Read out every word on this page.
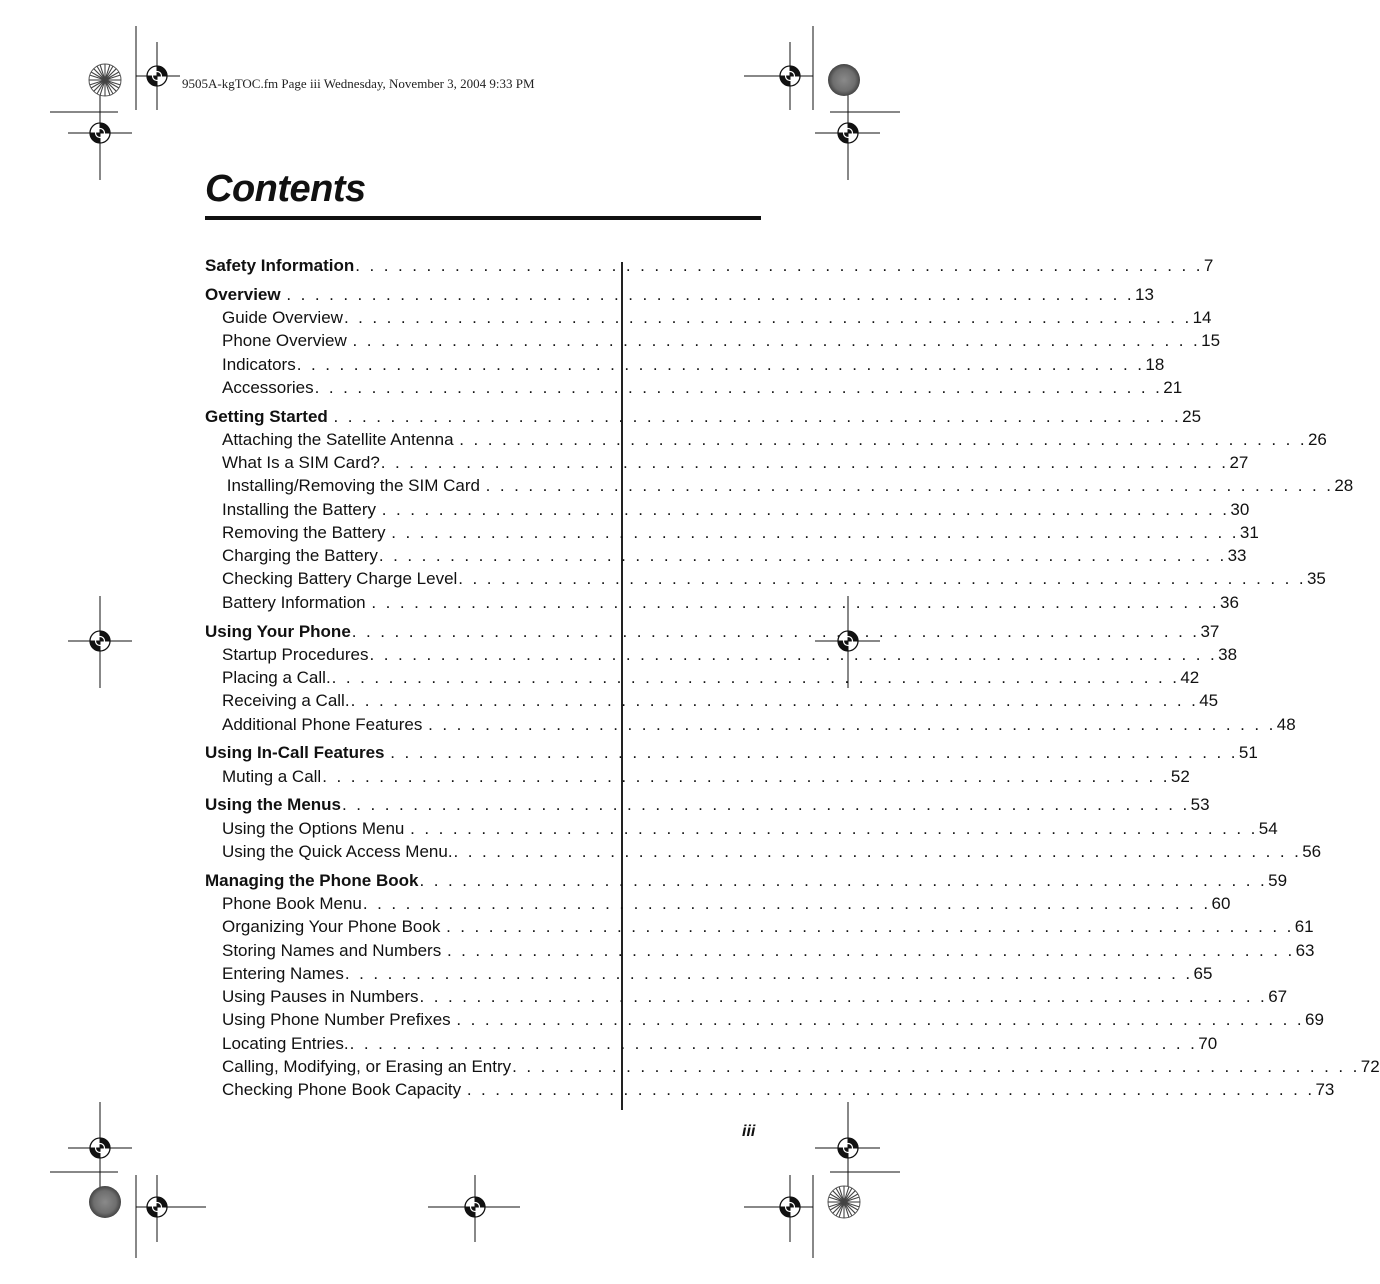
9505A-kgTOC.fm Page iii Wednesday, November 3, 2004 9:33 PM
Contents
Safety Information . . . . . . . . . . . . . . . . . . . . . . . . . . . . . . . . . . . . . . . . . . . . . . . . . . . . . . . . . . . . 7
Overview . . . . . . . . . . . . . . . . . . . . . . . . . . . . . . . . . . . . . . . . . . . . . . . . . . . . . . . . . . . . 13
Guide Overview . . . . . . . . . . . . . . . . . . . . . . . . . . . . . . . . . . . . . . . . . . . . . . . . . . . . . . . . . . . . 14
Phone Overview . . . . . . . . . . . . . . . . . . . . . . . . . . . . . . . . . . . . . . . . . . . . . . . . . . . . . . . . . . . . 15
Indicators . . . . . . . . . . . . . . . . . . . . . . . . . . . . . . . . . . . . . . . . . . . . . . . . . . . . . . . . . . . . 18
Accessories . . . . . . . . . . . . . . . . . . . . . . . . . . . . . . . . . . . . . . . . . . . . . . . . . . . . . . . . . . . . 21
Getting Started . . . . . . . . . . . . . . . . . . . . . . . . . . . . . . . . . . . . . . . . . . . . . . . . . . . . . . . . . . . . 25
Attaching the Satellite Antenna . . . . . . . . . . . . . . . . . . . . . . . . . . . . . . . . . . . . . . . . . . . . . . . . . . . . . . . . . . . . 26
What Is a SIM Card? . . . . . . . . . . . . . . . . . . . . . . . . . . . . . . . . . . . . . . . . . . . . . . . . . . . . . . . . . . . . 27
Installing/Removing the SIM Card . . . . . . . . . . . . . . . . . . . . . . . . . . . . . . . . . . . . . . . . . . . . . . . . . . . . . . . . . . . . 28
Installing the Battery . . . . . . . . . . . . . . . . . . . . . . . . . . . . . . . . . . . . . . . . . . . . . . . . . . . . . . . . . . . . 30
Removing the Battery . . . . . . . . . . . . . . . . . . . . . . . . . . . . . . . . . . . . . . . . . . . . . . . . . . . . . . . . . . . . 31
Charging the Battery . . . . . . . . . . . . . . . . . . . . . . . . . . . . . . . . . . . . . . . . . . . . . . . . . . . . . . . . . . . . 33
Checking Battery Charge Level . . . . . . . . . . . . . . . . . . . . . . . . . . . . . . . . . . . . . . . . . . . . . . . . . . . . . . . . . . . . 35
Battery Information . . . . . . . . . . . . . . . . . . . . . . . . . . . . . . . . . . . . . . . . . . . . . . . . . . . . . . . . . . . . 36
Using Your Phone . . . . . . . . . . . . . . . . . . . . . . . . . . . . . . . . . . . . . . . . . . . . . . . . . . . . . . . . . . . . 37
Startup Procedures . . . . . . . . . . . . . . . . . . . . . . . . . . . . . . . . . . . . . . . . . . . . . . . . . . . . . . . . . . . . 38
Placing a Call. . . . . . . . . . . . . . . . . . . . . . . . . . . . . . . . . . . . . . . . . . . . . . . . . . . . . . . . . . . . . 42
Receiving a Call. . . . . . . . . . . . . . . . . . . . . . . . . . . . . . . . . . . . . . . . . . . . . . . . . . . . . . . . . . . . . 45
Additional Phone Features . . . . . . . . . . . . . . . . . . . . . . . . . . . . . . . . . . . . . . . . . . . . . . . . . . . . . . . . . . . . 48
Using In-Call Features . . . . . . . . . . . . . . . . . . . . . . . . . . . . . . . . . . . . . . . . . . . . . . . . . . . . . . . . . . . . 51
Muting a Call . . . . . . . . . . . . . . . . . . . . . . . . . . . . . . . . . . . . . . . . . . . . . . . . . . . . . . . . . . . . 52
Using the Menus . . . . . . . . . . . . . . . . . . . . . . . . . . . . . . . . . . . . . . . . . . . . . . . . . . . . . . . . . . . . 53
Using the Options Menu . . . . . . . . . . . . . . . . . . . . . . . . . . . . . . . . . . . . . . . . . . . . . . . . . . . . . . . . . . . . 54
Using the Quick Access Menu. . . . . . . . . . . . . . . . . . . . . . . . . . . . . . . . . . . . . . . . . . . . . . . . . . . . . . . . . . . . . 56
Managing the Phone Book . . . . . . . . . . . . . . . . . . . . . . . . . . . . . . . . . . . . . . . . . . . . . . . . . . . . . . . . . . . . 59
Phone Book Menu . . . . . . . . . . . . . . . . . . . . . . . . . . . . . . . . . . . . . . . . . . . . . . . . . . . . . . . . . . . . 60
Organizing Your Phone Book . . . . . . . . . . . . . . . . . . . . . . . . . . . . . . . . . . . . . . . . . . . . . . . . . . . . . . . . . . . . 61
Storing Names and Numbers . . . . . . . . . . . . . . . . . . . . . . . . . . . . . . . . . . . . . . . . . . . . . . . . . . . . . . . . . . . . 63
Entering Names . . . . . . . . . . . . . . . . . . . . . . . . . . . . . . . . . . . . . . . . . . . . . . . . . . . . . . . . . . . . 65
Using Pauses in Numbers . . . . . . . . . . . . . . . . . . . . . . . . . . . . . . . . . . . . . . . . . . . . . . . . . . . . . . . . . . . . 67
Using Phone Number Prefixes . . . . . . . . . . . . . . . . . . . . . . . . . . . . . . . . . . . . . . . . . . . . . . . . . . . . . . . . . . . . 69
Locating Entries. . . . . . . . . . . . . . . . . . . . . . . . . . . . . . . . . . . . . . . . . . . . . . . . . . . . . . . . . . . . . 70
Calling, Modifying, or Erasing an Entry . . . . . . . . . . . . . . . . . . . . . . . . . . . . . . . . . . . . . . . . . . . . . . . . . . . . . . . . . . . . 72
Checking Phone Book Capacity . . . . . . . . . . . . . . . . . . . . . . . . . . . . . . . . . . . . . . . . . . . . . . . . . . . . . . . . . . . . 73
iii
